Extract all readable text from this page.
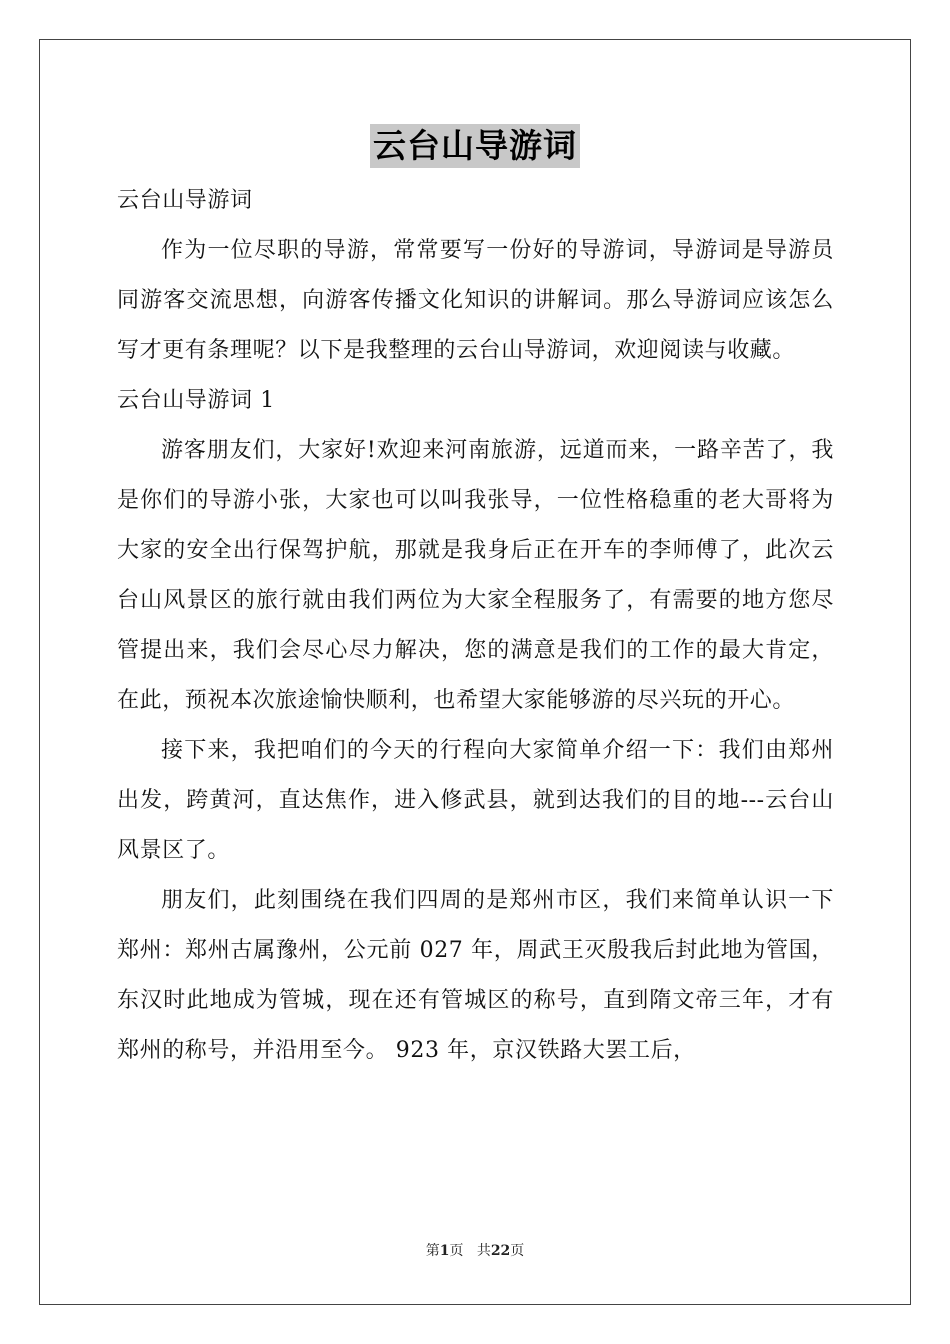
云台山导游词

云台山导游词

作为一位尽职的导游，常常要写一份好的导游词，导游词是导游员同游客交流思想，向游客传播文化知识的讲解词。那么导游词应该怎么写才更有条理呢？以下是我整理的云台山导游词，欢迎阅读与收藏。

云台山导游词 1

游客朋友们，大家好!欢迎来河南旅游，远道而来，一路辛苦了，我是你们的导游小张，大家也可以叫我张导，一位性格稳重的老大哥将为大家的安全出行保驾护航，那就是我身后正在开车的李师傅了，此次云台山风景区的旅行就由我们两位为大家全程服务了，有需要的地方您尽管提出来，我们会尽心尽力解决，您的满意是我们的工作的最大肯定，在此，预祝本次旅途愉快顺利，也希望大家能够游的尽兴玩的开心。

接下来，我把咱们的今天的行程向大家简单介绍一下：我们由郑州出发，跨黄河，直达焦作，进入修武县，就到达我们的目的地---云台山风景区了。

朋友们，此刻围绕在我们四周的是郑州市区，我们来简单认识一下郑州：郑州古属豫州，公元前 027 年，周武王灭殷我后封此地为管国，东汉时此地成为管城，现在还有管城区的称号，直到隋文帝三年，才有郑州的称号，并沿用至今。 923 年，京汉铁路大罢工后，

第1页 共22页
